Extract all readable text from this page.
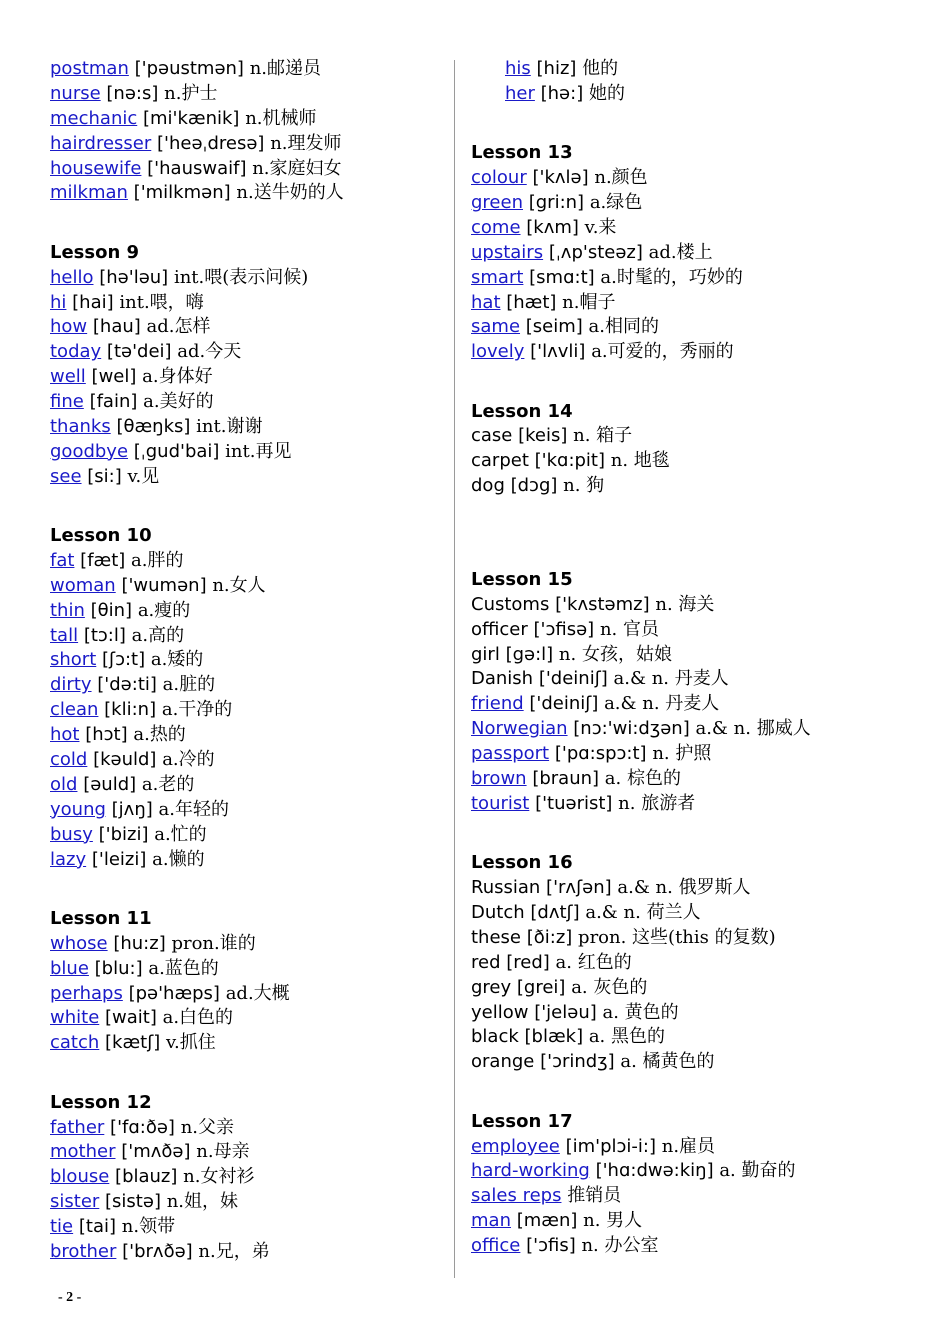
postman ['pəustmən] n.邮递员
nurse [nə:s] n.护士
mechanic [mi'kænik] n.机械师
hairdresser ['heəˌdresə] n.理发师
housewife ['hauswaif] n.家庭妇女
milkman ['milkmən] n.送牛奶的人
Lesson 9
hello [hə'ləu] int.喂(表示问候)
hi [hai] int.喂，嗨
how [hau] ad.怎样
today [tə'dei] ad.今天
well [wel] a.身体好
fine [fain] a.美好的
thanks [θæŋks] int.谢谢
goodbye [ˌgud'bai] int.再见
see [si:] v.见
Lesson 10
fat [fæt] a.胖的
woman ['wumən] n.女人
thin [θin] a.瘦的
tall [tɔ:l] a.高的
short [ʃɔ:t] a.矮的
dirty ['də:ti] a.脏的
clean [kli:n] a.干净的
hot [hɔt] a.热的
cold [kəuld] a.冷的
old [əuld] a.老的
young [jʌŋ] a.年轻的
busy ['bizi] a.忙的
lazy ['leizi] a.懒的
Lesson 11
whose [hu:z] pron.谁的
blue [blu:] a.蓝色的
perhaps [pə'hæps] ad.大概
white [wait] a.白色的
catch [kætʃ] v.抓住
Lesson 12
father ['fɑ:ðə] n.父亲
mother ['mʌðə] n.母亲
blouse [blauz] n.女衬衫
sister [sistə] n.姐，妹
tie [tai] n.领带
brother ['brʌðə] n.兄，弟
his [hiz] 他的
her [hə:] 她的
Lesson 13
colour ['kʌlə] n.颜色
green [gri:n] a.绿色
come [kʌm] v.来
upstairs [ˌʌp'steəz] ad.楼上
smart [smɑ:t] a.时髦的，巧妙的
hat [hæt] n.帽子
same [seim] a.相同的
lovely ['lʌvli] a.可爱的，秀丽的
Lesson 14
case [keis] n. 箱子
carpet ['kɑ:pit] n. 地毯
dog [dɔg] n. 狗
Lesson 15
Customs ['kʌstəmz] n. 海关
officer ['ɔfisə] n. 官员
girl [gə:l] n. 女孩，姑娘
Danish ['deiniʃ] a.& n. 丹麦人
friend ['deiniʃ] a.& n. 丹麦人
Norwegian [nɔ:'wi:dʒən] a.& n. 挪威人
passport ['pɑ:spɔ:t] n. 护照
brown [braun] a. 棕色的
tourist ['tuərist] n. 旅游者
Lesson 16
Russian ['rʌʃən] a.& n. 俄罗斯人
Dutch [dʌtʃ] a.& n. 荷兰人
these [ði:z] pron. 这些(this 的复数)
red [red] a. 红色的
grey [grei] a. 灰色的
yellow ['jeləu] a. 黄色的
black [blæk] a. 黑色的
orange ['ɔrindʒ] a. 橘黄色的
Lesson 17
employee [im'plɔi-i:] n.雇员
hard-working ['hɑ:dwə:kiŋ] a. 勤奋的
sales reps 推销员
man [mæn] n. 男人
office ['ɔfis] n. 办公室
- 2 -
